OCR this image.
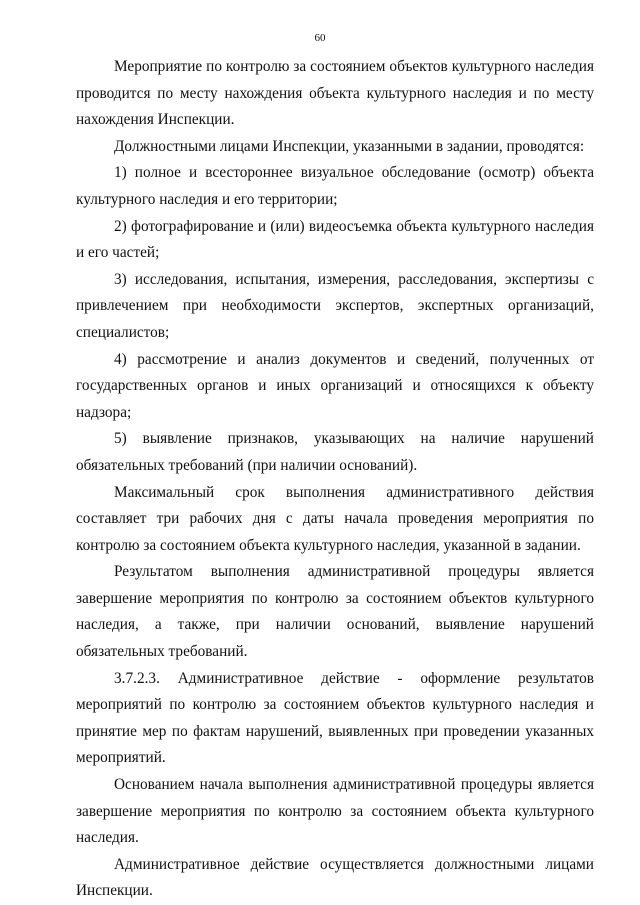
60

Мероприятие по контролю за состоянием объектов культурного наследия проводится по месту нахождения объекта культурного наследия и по месту нахождения Инспекции.

Должностными лицами Инспекции, указанными в задании, проводятся:

1) полное и всестороннее визуальное обследование (осмотр) объекта культурного наследия и его территории;

2) фотографирование и (или) видеосъемка объекта культурного наследия и его частей;

3) исследования, испытания, измерения, расследования, экспертизы с привлечением при необходимости экспертов, экспертных организаций, специалистов;

4) рассмотрение и анализ документов и сведений, полученных от государственных органов и иных организаций и относящихся к объекту надзора;

5) выявление признаков, указывающих на наличие нарушений обязательных требований (при наличии оснований).

Максимальный срок выполнения административного действия составляет три рабочих дня с даты начала проведения мероприятия по контролю за состоянием объекта культурного наследия, указанной в задании.

Результатом выполнения административной процедуры является завершение мероприятия по контролю за состоянием объектов культурного наследия, а также, при наличии оснований, выявление нарушений обязательных требований.

3.7.2.3. Административное действие - оформление результатов мероприятий по контролю за состоянием объектов культурного наследия и принятие мер по фактам нарушений, выявленных при проведении указанных мероприятий.

Основанием начала выполнения административной процедуры является завершение мероприятия по контролю за состоянием объекта культурного наследия.

Административное действие осуществляется должностными лицами Инспекции.
